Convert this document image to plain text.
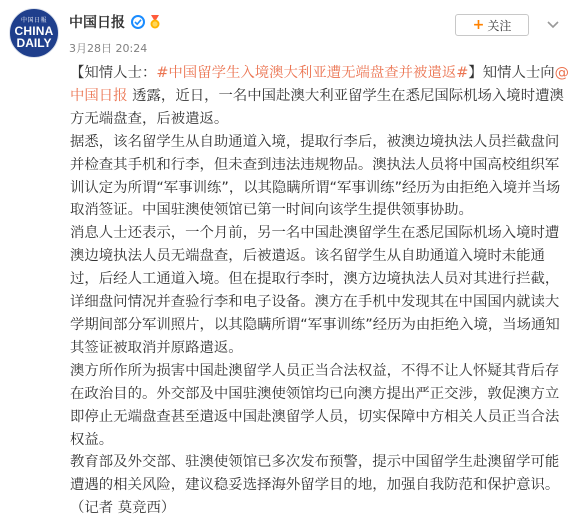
中国日報
CHINA
DAILY
中国日报
3月28日 20:24
+ 关注

【知情人士：#中国留学生入境澳大利亚遭无端盘查并被遣返#】知情人士向@中国日报 透露，近日，一名中国赴澳大利亚留学生在悉尼国际机场入境时遭澳方无端盘查，后被遣返。

据悉，该名留学生从自助通道入境，提取行李后，被澳边境执法人员拦截盘问并检查其手机和行李，但未查到违法违规物品。澳执法人员将中国高校组织军训认定为所谓“军事训练”，以其隐瞒所谓“军事训练”经历为由拒绝入境并当场取消签证。中国驻澳使领馆已第一时间向该学生提供领事协助。

消息人士还表示，一个月前，另一名中国赴澳留学生在悉尼国际机场入境时遭澳边境执法人员无端盘查，后被遣返。该名留学生从自助通道入境时未能通过，后经人工通道入境。但在提取行李时，澳方边境执法人员对其进行拦截，详细盘问情况并查验行李和电子设备。澳方在手机中发现其在中国国内就读大学期间部分军训照片，以其隐瞒所谓“军事训练”经历为由拒绝入境，当场通知其签证被取消并原路遣返。

澳方所作所为损害中国赴澳留学人员正当合法权益，不得不让人怀疑其背后存在政治目的。外交部及中国驻澳使领馆均已向澳方提出严正交涉，敦促澳方立即停止无端盘查甚至遣返中国赴澳留学人员，切实保障中方相关人员正当合法权益。

教育部及外交部、驻澳使领馆已多次发布预警，提示中国留学生赴澳留学可能遭遇的相关风险，建议稳妥选择海外留学目的地，加强自我防范和保护意识。（记者 莫竞西）
